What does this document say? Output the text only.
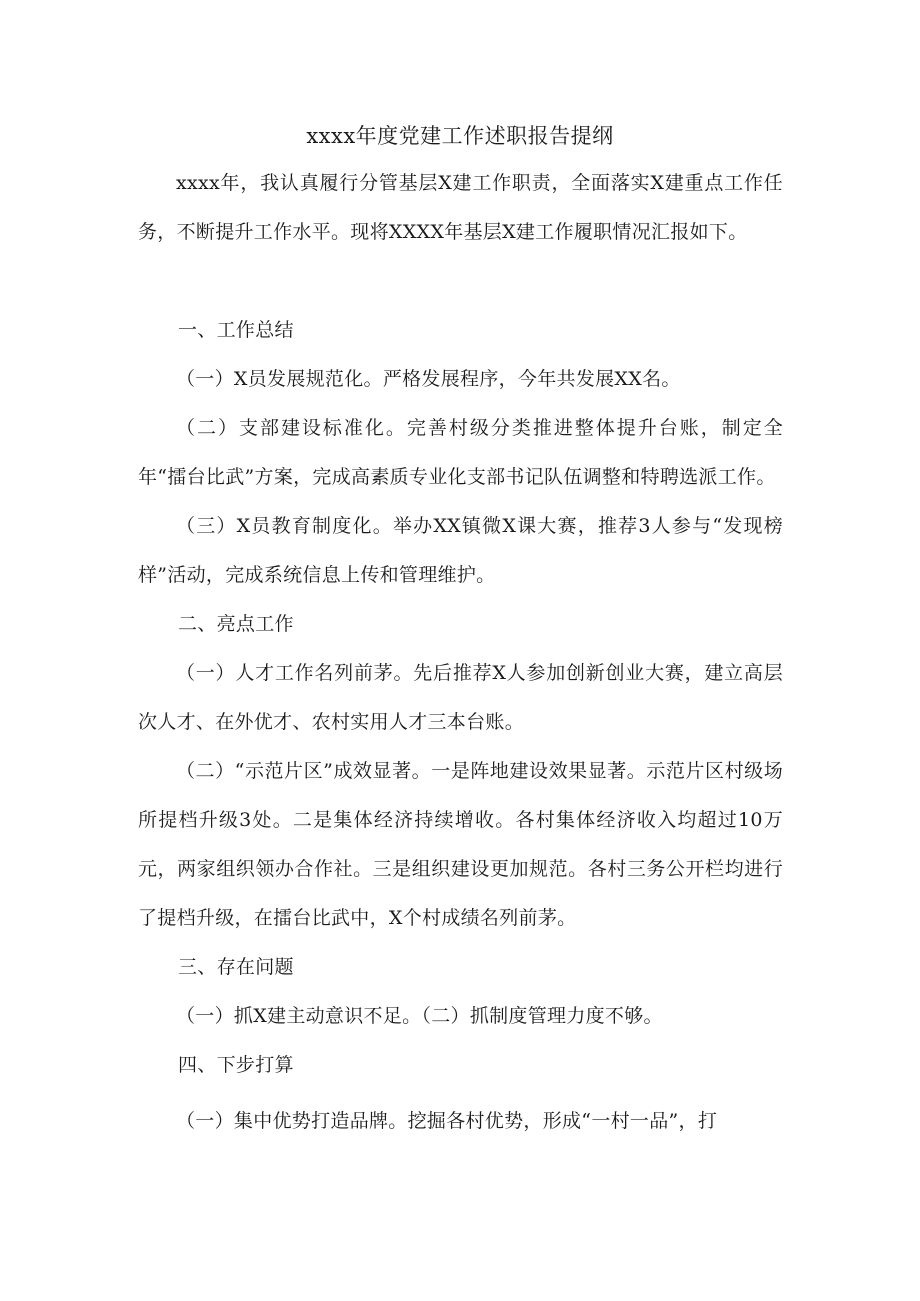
xxxx年度党建工作述职报告提纲

xxxx年，我认真履行分管基层X建工作职责，全面落实X建重点工作任务，不断提升工作水平。现将XXXX年基层X建工作履职情况汇报如下。

一、工作总结

（一）X员发展规范化。严格发展程序，今年共发展XX名。

（二）支部建设标准化。完善村级分类推进整体提升台账，制定全年“擂台比武”方案，完成高素质专业化支部书记队伍调整和特聘选派工作。

（三）X员教育制度化。举办XX镇微X课大赛，推荐3人参与“发现榜样”活动，完成系统信息上传和管理维护。

二、亮点工作

（一）人才工作名列前茅。先后推荐X人参加创新创业大赛，建立高层次人才、在外优才、农村实用人才三本台账。

（二）“示范片区”成效显著。一是阵地建设效果显著。示范片区村级场所提档升级3处。二是集体经济持续增收。各村集体经济收入均超过10万元，两家组织领办合作社。三是组织建设更加规范。各村三务公开栏均进行了提档升级，在擂台比武中，X个村成绩名列前茅。

三、存在问题

（一）抓X建主动意识不足。（二）抓制度管理力度不够。

四、下步打算

（一）集中优势打造品牌。挖掘各村优势，形成“一村一品”，打
